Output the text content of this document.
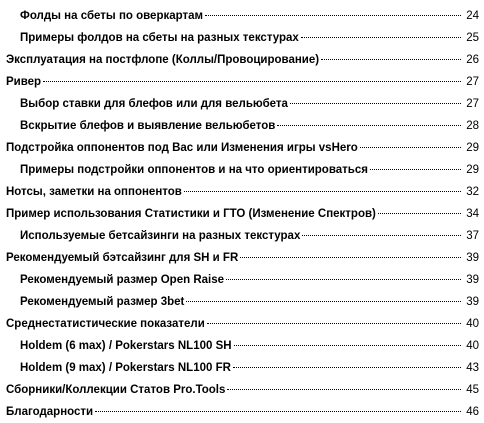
Фолды на сбеты по оверкартам	24
Примеры фолдов на сбеты на разных текстурах	25
Эксплуатация на постфлопе (Коллы/Провоцирование)	26
Ривер	27
Выбор ставки для блефов или для вельюбета	27
Вскрытие блефов и выявление вельюбетов	28
Подстройка оппонентов под Вас или Изменения игры vsHero	29
Примеры подстройки оппонентов и на что ориентироваться	29
Нотсы, заметки на оппонентов	32
Пример использования Статистики и ГТО (Изменение Спектров)	34
Используемые бетсайзинги на разных текстурах	37
Рекомендуемый бэтсайзинг для SH и FR	39
Рекомендуемый размер Open Raise	39
Рекомендуемый размер 3bet	39
Среднестатистические показатели	40
Holdem (6 max) / Pokerstars NL100 SH	40
Holdem (9 max) / Pokerstars NL100 FR	43
Сборники/Коллекции Статов Pro.Tools	45
Благодарности	46
